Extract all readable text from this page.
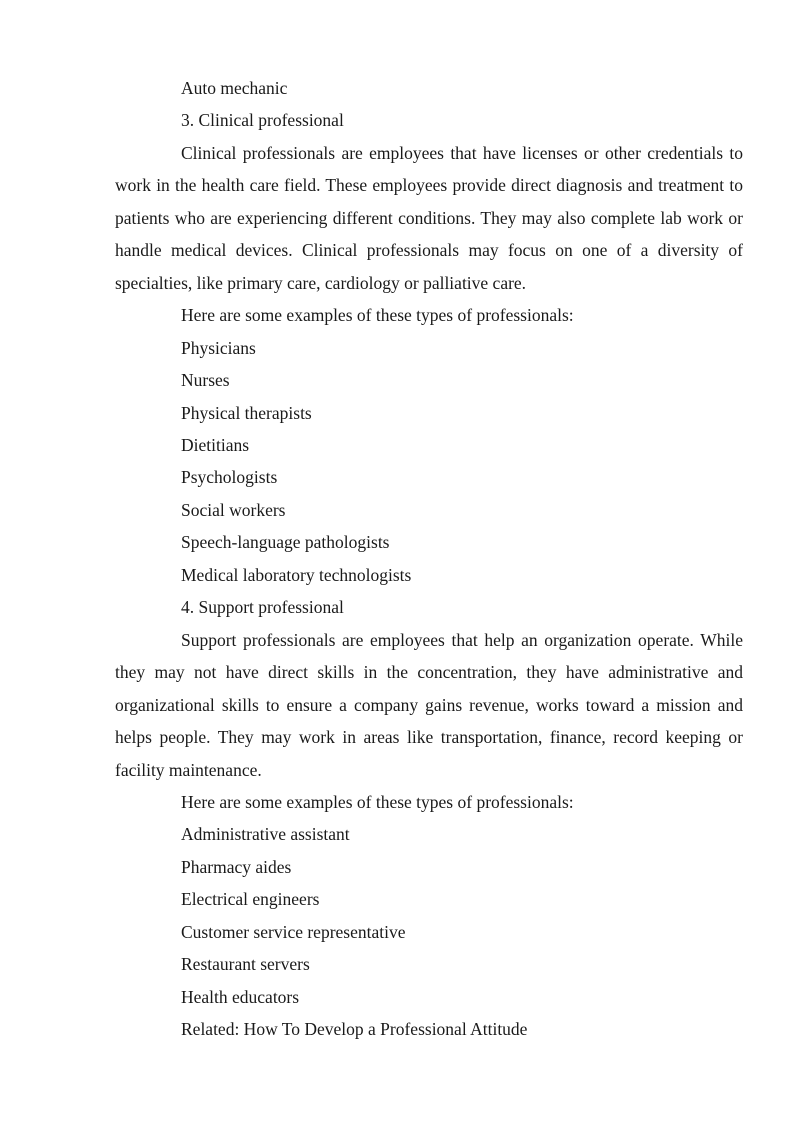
Auto mechanic

3. Clinical professional

Clinical professionals are employees that have licenses or other credentials to work in the health care field. These employees provide direct diagnosis and treatment to patients who are experiencing different conditions. They may also complete lab work or handle medical devices. Clinical professionals may focus on one of a diversity of specialties, like primary care, cardiology or palliative care.

Here are some examples of these types of professionals:

Physicians

Nurses

Physical therapists

Dietitians

Psychologists

Social workers

Speech-language pathologists

Medical laboratory technologists

4. Support professional

Support professionals are employees that help an organization operate. While they may not have direct skills in the concentration, they have administrative and organizational skills to ensure a company gains revenue, works toward a mission and helps people. They may work in areas like transportation, finance, record keeping or facility maintenance.

Here are some examples of these types of professionals:

Administrative assistant

Pharmacy aides

Electrical engineers

Customer service representative

Restaurant servers

Health educators

Related: How To Develop a Professional Attitude
